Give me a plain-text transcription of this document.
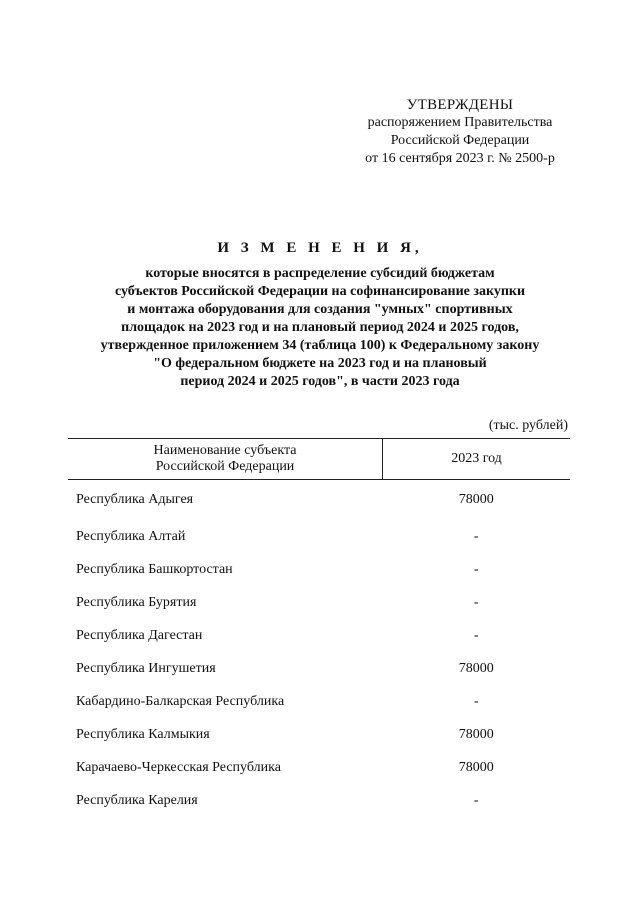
УТВЕРЖДЕНЫ
распоряжением Правительства
Российской Федерации
от 16 сентября 2023 г. № 2500-р
И З М Е Н Е Н И Я,
которые вносятся в распределение субсидий бюджетам
субъектов Российской Федерации на софинансирование закупки
и монтажа оборудования для создания "умных" спортивных
площадок на 2023 год и на плановый период 2024 и 2025 годов,
утвержденное приложением 34 (таблица 100) к Федеральному закону
"О федеральном бюджете на 2023 год и на плановый
период 2024 и 2025 годов", в части 2023 года
(тыс. рублей)
Наименование субъекта
Российской Федерации	2023 год
Республика Адыгея	78000
Республика Алтай	-
Республика Башкортостан	-
Республика Бурятия	-
Республика Дагестан	-
Республика Ингушетия	78000
Кабардино-Балкарская Республика	-
Республика Калмыкия	78000
Карачаево-Черкесская Республика	78000
Республика Карелия	-
